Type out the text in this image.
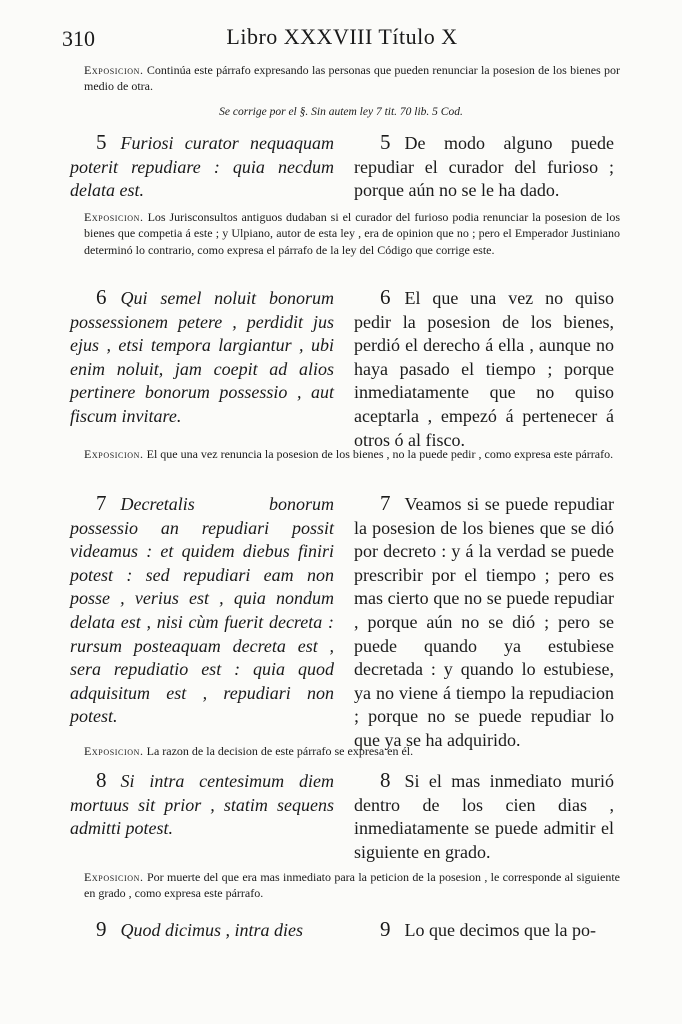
310	Libro XXXVIII Título X
Exposicion. Continúa este párrafo expresando las personas que pueden renunciar la posesion de los bienes por medio de otra.
Se corrige por el §. Sin autem ley 7 tit. 70 lib. 5 Cod.
5 Furiosi curator nequaquam poterit repudiare : quia necdum delata est.
5 De modo alguno puede repudiar el curador del furioso ; porque aún no se le ha dado.
Exposicion. Los Jurisconsultos antiguos dudaban si el curador del furioso podia renunciar la posesion de los bienes que competia á este ; y Ulpiano, autor de esta ley , era de opinion que no ; pero el Emperador Justiniano determinó lo contrario, como expresa el párrafo de la ley del Código que corrige este.
6 Qui semel noluit bonorum possessionem petere , perdidit jus ejus , etsi tempora largiantur , ubi enim noluit, jam coepit ad alios pertinere bonorum possessio , aut fiscum invitare.
6 El que una vez no quiso pedir la posesion de los bienes, perdió el derecho á ella , aunque no haya pasado el tiempo ; porque inmediatamente que no quiso aceptarla , empezó á pertenecer á otros ó al fisco.
Exposicion. El que una vez renuncia la posesion de los bienes , no la puede pedir , como expresa este párrafo.
7 Decretalis bonorum possessio an repudiari possit videamus : et quidem diebus finiri potest : sed repudiari eam non posse , verius est , quia nondum delata est , nisi cùm fuerit decreta : rursum posteaquam decreta est , sera repudiatio est : quia quod adquisitum est , repudiari non potest.
7 Veamos si se puede repudiar la posesion de los bienes que se dió por decreto : y á la verdad se puede prescribir por el tiempo ; pero es mas cierto que no se puede repudiar , porque aún no se dió ; pero se puede quando ya estubiese decretada : y quando lo estubiese, ya no viene á tiempo la repudiacion ; porque no se puede repudiar lo que ya se ha adquirido.
Exposicion. La razon de la decision de este párrafo se expresa en él.
8 Si intra centesimum diem mortuus sit prior , statim sequens admitti potest.
8 Si el mas inmediato murió dentro de los cien dias , inmediatamente se puede admitir el siguiente en grado.
Exposicion. Por muerte del que era mas inmediato para la peticion de la posesion , le corresponde al siguiente en grado , como expresa este párrafo.
9 Quod dicimus , intra dies	9 Lo que decimos que la po-
